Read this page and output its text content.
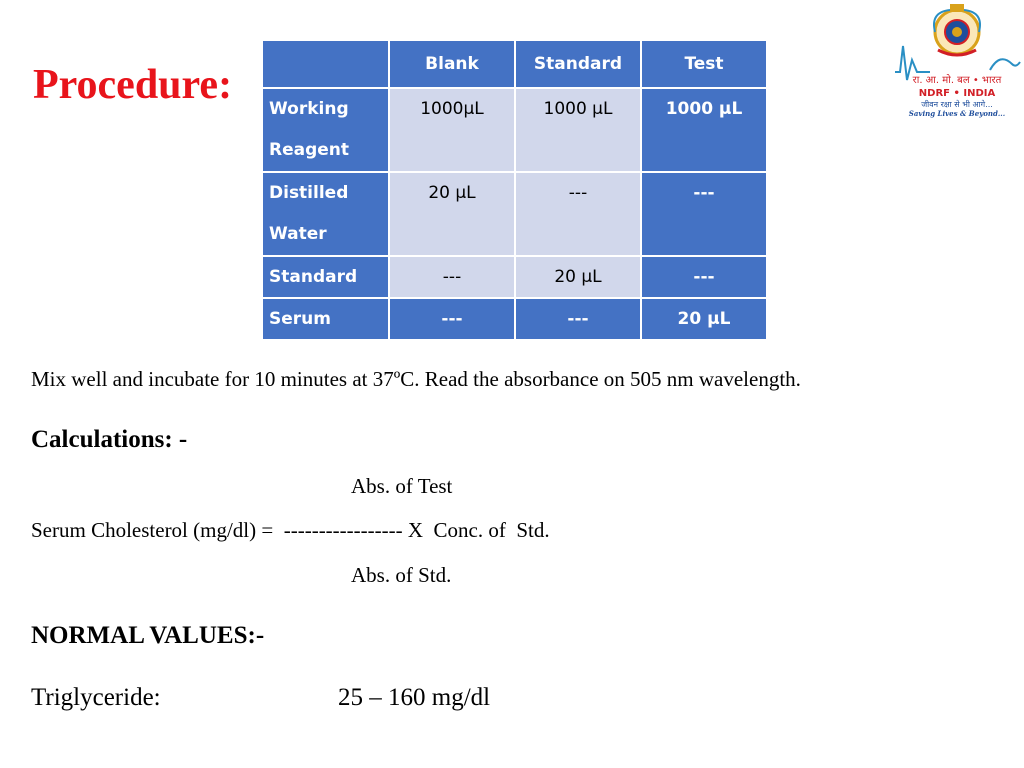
Procedure:
		Blank	Standard	Test
Working Reagent	1000µL	1000 µL	1000 µL
Distilled Water	20 µL	---	---
Standard	---	20 µL	---
Serum	---	---	20 µL
रा. आ. मो. बल • भारत
NDRF • INDIA
जीवन रक्षा से भी आगे...
Saving Lives & Beyond...
Mix well and incubate for 10 minutes at 37ºC. Read the absorbance on 505 nm wavelength.
Calculations: -
Abs. of Test
Serum Cholesterol (mg/dl) =  ----------------- X  Conc. of  Std.
Abs. of Std.
NORMAL VALUES:-
Triglyceride:	25 – 160 mg/dl
